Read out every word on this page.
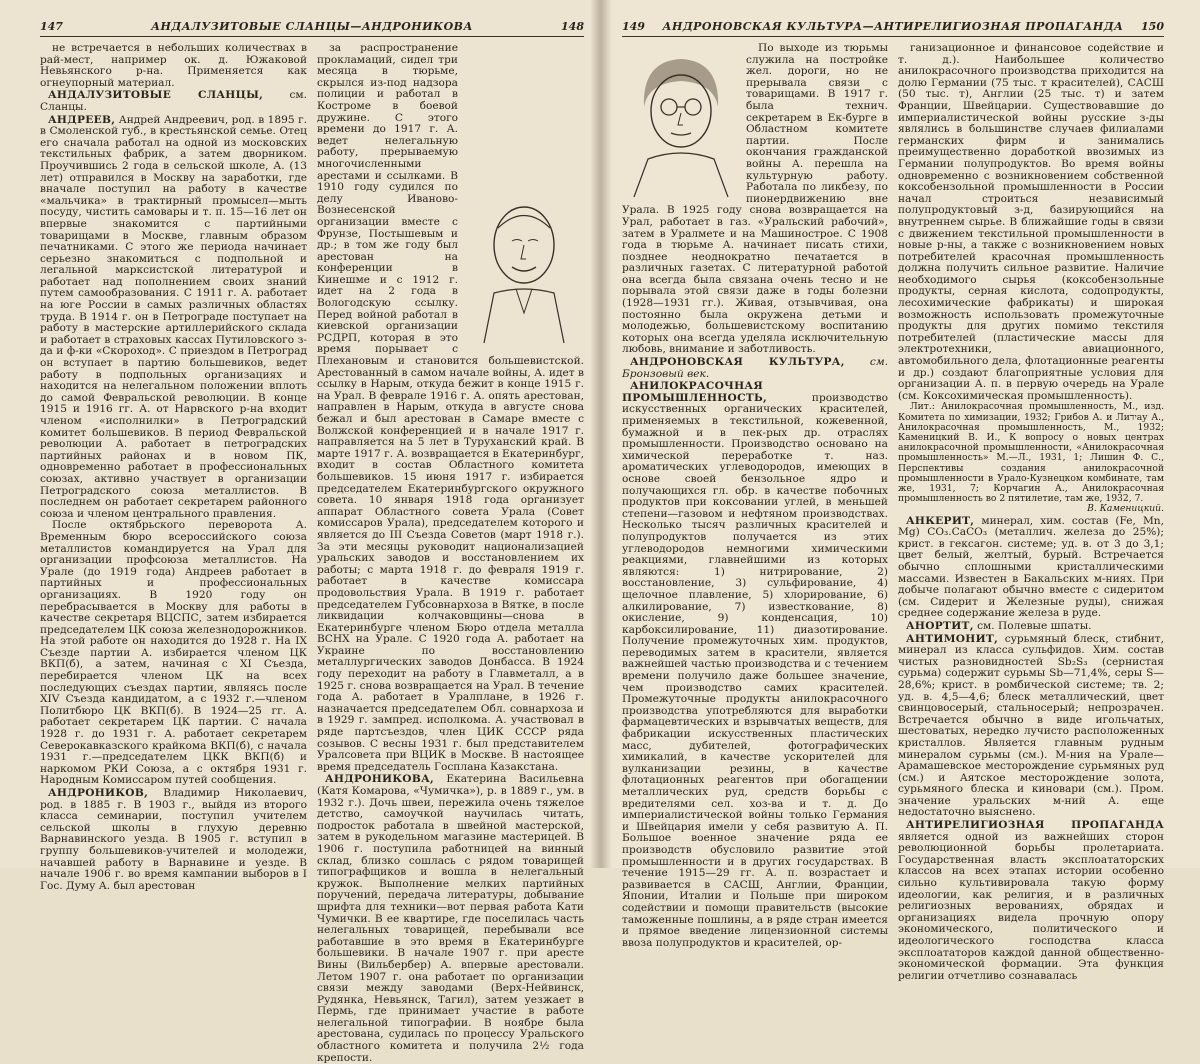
147	АНДАЛУЗИТОВЫЕ СЛАНЦЫ—АНДРОНИКОВА	148

не встречается в небольших количествах в рай-мест, например ок. д. Южаковой Невьянского р-на. Применяется как огнеупорный материал.

АНДАЛУЗИТОВЫЕ СЛАНЦЫ, см. Сланцы.

АНДРЕЕВ, Андрей Андреевич, род. в 1895 г. в Смоленской губ., в крестьянской семье. Отец его сначала работал на одной из московских текстильных фабрик, а затем дворником. Проучившись 2 года в сельской школе, А. (13 лет) отправился в Москву на заработки, где вначале поступил на работу в качестве «мальчика» в трактирный промысел—мыть посуду, чистить самовары и т. п. 15—16 лет он впервые знакомится с партийными товарищами в Москве, главным образом печатниками. С этого же периода начинает серьезно знакомиться с подпольной и легальной марксистской литературой и работает над пополнением своих знаний путем самообразования. С 1911 г. А. работает на юге России в самых различных областях труда. В 1914 г. он в Петрограде поступает на работу в мастерские артиллерийского склада и работает в страховых кассах Путиловского з-да и ф-ки «Скороход». С приездом в Петроград он вступает в партию большевиков, ведет работу в подпольных организациях и находится на нелегальном положении вплоть до самой Февральской революции. В конце 1915 и 1916 гг. А. от Нарвского р-на входит членом «исполнилки» в Петроградский комитет большевиков. В период Февральской революции А. работает в петроградских партийных районах и в новом ПК, одновременно работает в профессиональных союзах, активно участвует в организации Петроградского союза металлистов. В последнем он работает секретарем районного союза и членом центрального правления.

После октябрьского переворота А. Временным бюро всероссийского союза металлистов командируется на Урал для организации профсоюза металлистов. На Урале (до 1919 года) Андреев работает в партийных и профессиональных организациях. В 1920 году он перебрасывается в Москву для работы в качестве секретаря ВЦСПС, затем избирается председателем ЦК союза железнодорожников. На этой работе он находится до 1928 г. На IX Съезде партии А. избирается членом ЦК ВКП(б), а затем, начиная с XI Съезда, перебирается членом ЦК на всех последующих съездах партии, являясь после XIV Съезда кандидатом, а с 1932 г.—членом Политбюро ЦК ВКП(б). В 1924—25 гг. А. работает секретарем ЦК партии. С начала 1928 г. до 1931 г. А. работает секретарем Северокавказского крайкома ВКП(б), с начала 1931 г.—председателем ЦКК ВКП(б) и наркомом РКИ Союза, а с октября 1931 г. Народным Комиссаром путей сообщения.

АНДРОНИКОВ, Владимир Николаевич, род. в 1885 г. В 1903 г., выйдя из второго класса семинарии, поступил учителем сельской школы в глухую деревню Варнавинского уезда. В 1905 г. вступил в группу большевиков-учителей и молодежи, начавшей работу в Варнавине и уезде. В начале 1906 г. во время кампании выборов в I Гос. Думу А. был арестован

за распространение прокламаций, сидел три месяца в тюрьме, скрылся из-под надзора полиции и работал в Костроме в боевой дружине. С этого времени до 1917 г. А. ведет нелегальную работу, прерываемую многочисленными арестами и ссылками. В 1910 году судился по делу Иваново-Вознесенской организации вместе с Фрунзе, Постышевым и др.; в том же году был арестован на конференции в Кинешме и с 1912 г. идет на 2 года в Вологодскую ссылку. Перед войной работал в киевской организации РСДРП, которая в это время порывает с Плехановым и становится большевистской. Арестованный в самом начале войны, А. идет в ссылку в Нарым, откуда бежит в конце 1915 г. на Урал. В феврале 1916 г. А. опять арестован, направлен в Нарым, откуда в августе снова бежал и был арестован в Самаре вместе с Волжской конференцией и в начале 1917 г. направляется на 5 лет в Туруханский край. В марте 1917 г. А. возвращается в Екатеринбург, входит в состав Областного комитета большевиков. 15 июня 1917 г. избирается председателем Екатеринбургского окружного совета. 10 января 1918 года организует аппарат Областного совета Урала (Совет комиссаров Урала), председателем которого и является до III Съезда Советов (март 1918 г.). За эти месяцы руководит национализацией уральских заводов и восстановлением их работы; с марта 1918 г. до февраля 1919 г. работает в качестве комиссара продовольствия Урала. В 1919 г. работает председателем Губсовнархоза в Вятке, в после ликвидации колчаковщины—снова в Екатеринбурге членом Бюро отдела металла ВСНХ на Урале. С 1920 года А. работает на Украине по восстановлению металлургических заводов Донбасса. В 1924 году переходит на работу в Главметалл, а в 1925 г. снова возвращается на Урал. В течение года А. работает в Уралплане, в 1926 г. назначается председателем Обл. совнархоза и в 1929 г. зампред. исполкома. А. участвовал в ряде партсъездов, член ЦИК СССР ряда созывов. С весны 1931 г. был представителем Уралсовета при ВЦИК в Москве. В настоящее время председатель Госплана Казакстана.

АНДРОНИКОВА, Екатерина Васильевна (Катя Комарова, «Чумичка»), р. в 1889 г., ум. в 1932 г.). Дочь швеи, пережила очень тяжелое детство, самоучкой научилась читать, подросток работала в швейной мастерской, затем в рукодельном магазине мастерицей. В 1906 г. поступила работницей на винный склад, близко сошлась с рядом товарищей типографщиков и вошла в нелегальный кружок. Выполнение мелких партийных поручений, передача литературы, добывание шрифта для техники—вот первая работа Кати Чумички. В ее квартире, где поселилась часть нелегальных товарищей, перебывали все работавшие в это время в Екатеринбурге большевики. В начале 1907 г. при аресте Вины (Вильбербер) А. впервые арестовали. Летом 1907 г. она работает по организации связи между заводами (Верх-Нейвинск, Рудянка, Невьянск, Тагил), затем уезжает в Пермь, где принимает участие в работе нелегальной типографии. В ноябре была арестована, судилась по процессу Уральского областного комитета и получила 2½ года крепости.

149 АНДРОНОВСКАЯ КУЛЬТУРА—АНТИРЕЛИГИОЗНАЯ ПРОПАГАНДА 150

По выходе из тюрьмы служила на постройке жел. дороги, но не прерывала связи с товарищами. В 1917 г. была технич. секретарем в Ек-бурге в Областном комитете партии. После окончания гражданской войны А. перешла на культурную работу. Работала по ликбезу, по пионердвижению вне Урала. В 1925 году снова возвращается на Урал, работает в газ. «Уральский рабочий», затем в Уралмете и на Машинострое. С 1908 года в тюрьме А. начинает писать стихи, позднее неоднократно печатается в различных газетах. С литературной работой она всегда была связана очень тесно и не порывала этой связи даже в годы болезни (1928—1931 гг.). Живая, отзывчивая, она постоянно была окружена детьми и молодежью, большевистскому воспитанию которых она всегда уделяла исключительную любовь, внимание и заботливость.

АНДРОНОВСКАЯ КУЛЬТУРА, см. Бронзовый век.

АНИЛОКРАСОЧНАЯ ПРОМЫШЛЕННОСТЬ, производство искусственных органических красителей, применяемых в текстильной, кожевенной, бумажной и в пек-рых др. отраслях промышленности. Производство основано на химической переработке т. наз. ароматических углеводородов, имеющих в основе своей бензольное ядро и получающихся гл. обр. в качестве побочных продуктов при коксовании углей, в меньшей степени—газовом и нефтяном производствах. Несколько тысяч различных красителей и полупродуктов получается из этих углеводородов немногими химическими реакциями, главнейшими из которых являются: 1) нитрирование, 2) восстановление, 3) сульфирование, 4) щелочное плавление, 5) хлорирование, 6) алкилирование, 7) известкование, 8) окисление, 9) конденсация, 10) карбоксилирование, 11) диазотирование. Получение промежуточных хим. продуктов, переводимых затем в красители, является важнейшей частью производства и с течением времени получило даже большее значение, чем производство самих красителей. Промежуточные продукты анилокрасочного производства употребляются для выработки фармацевтических и взрывчатых веществ, для фабрикации искусственных пластических масс, дубителей, фотографических химикалий, в качестве ускорителей для вулканизации резины, в качестве флотационных реагентов при обогащении металлических руд, средств борьбы с вредителями сел. хоз-ва и т. д. До империалистической войны только Германия и Швейцария имели у себя развитую А. П. Большое военное значение ряда ее производств обусловило развитие этой промышленности и в других государствах. В течение 1915—29 гг. А. п. возрастает и развивается в САСШ, Англии, Франции, Японии, Италии и Польше при широком содействии и помощи правительств (высокие таможенные пошлины, а в ряде стран имеется и прямое введение лицензионной системы ввоза полупродуктов и красителей, ор-

ганизационное и финансовое содействие и т. д.). Наибольшее количество анилокрасочного производства приходится на долю Германии (75 тыс. т красителей), САСШ (50 тыс. т), Англии (25 тыс. т) и затем Франции, Швейцарии. Существовавшие до империалистической войны русские з-ды являлись в большинстве случаев филиалами германских фирм и занимались преимущественно доработкой ввозимых из Германии полупродуктов. Во время войны одновременно с возникновением собственной коксобензольной промышленности в России начал строиться независимый полупродуктовый з-д, базирующийся на внутреннем сырье. В ближайшие годы в связи с движением текстильной промышленности в новые р-ны, а также с возникновением новых потребителей красочная промышленность должна получить сильное развитие. Наличие необходимого сырья (коксобензольные продукты, серная кислота, содопродукты, лесохимические фабрикаты) и широкая возможность использовать промежуточные продукты для других помимо текстиля потребителей (пластические массы для электротехники, авиационного, автомобильного дела, флотационные реагенты и др.) создают благоприятные условия для организации А. п. в первую очередь на Урале (см. Коксохимическая промышленность).

Лит.: Анилокрасочная промышленность, М., изд. Комитета по химизации, 1932; Грибов А. и Лиידay А., Анилокрасочная промышленность, М., 1932; Каменицкий В. И., К вопросу о новых центрах анилокрасочной промышленности, «Анилокрасочная промышленность» М.—Л., 1931, 1; Лишин Ф. С., Перспективы создания анилокрасочной промышленности в Урало-Кузнецком комбинате, там же, 1931, 7; Корчагин А., Анилокрасочная промышленность во 2 пятилетие, там же, 1932, 7.

В. Каменицкий.

АНКЕРИТ, минерал, хим. состав (Fe, Mn, Mg) CO₃.CaCO₃ (металлич. железа до 25%); крист. в гексагон. системе; уд. в. от 3 до 3,1; цвет белый, желтый, бурый. Встречается обычно сплошными кристаллическими массами. Известен в Бакальских м-ниях. При добыче полагают обычно вместе с сидеритом (см. Сидерит и Железные руды), снижая среднее содержание железа в руде.

АНОРТИТ, см. Полевые шпаты.

АНТИМОНИТ, сурьмяный блеск, стибнит, минерал из класса сульфидов. Хим. состав чистых разновидностей Sb₂S₃ (сернистая сурьма) содержит сурьмы Sb—71,4%, серы S—28,6%; крист. в ромбической системе; тв. 2; уд. в. 4,5—4,6; блеск металлический, цвет свинцовосерый, стальносерый; непрозрачен. Встречается обычно в виде игольчатых, шестоватых, нередко лучисто расположенных кристаллов. Является главным рудным минералом сурьмы (см.). М-ния на Урале—Арамашевское месторождение сурьмяных руд (см.) и Аятское месторождение золота, сурьмяного блеска и киновари (см.). Пром. значение уральских м-ний А. еще недостаточно выяснено.

АНТИРЕЛИГИОЗНАЯ ПРОПАГАНДА является одной из важнейших сторон революционной борьбы пролетариата. Государственная власть эксплоататорских классов на всех этапах истории особенно сильно культивировала такую форму идеологии, как религия, и в различных религиозных верованиях, обрядах и организациях видела прочную опору экономического, политического и идеологического господства класса эксплоататоров каждой данной общественно-экономической формации. Эта функция религии отчетливо сознавалась
